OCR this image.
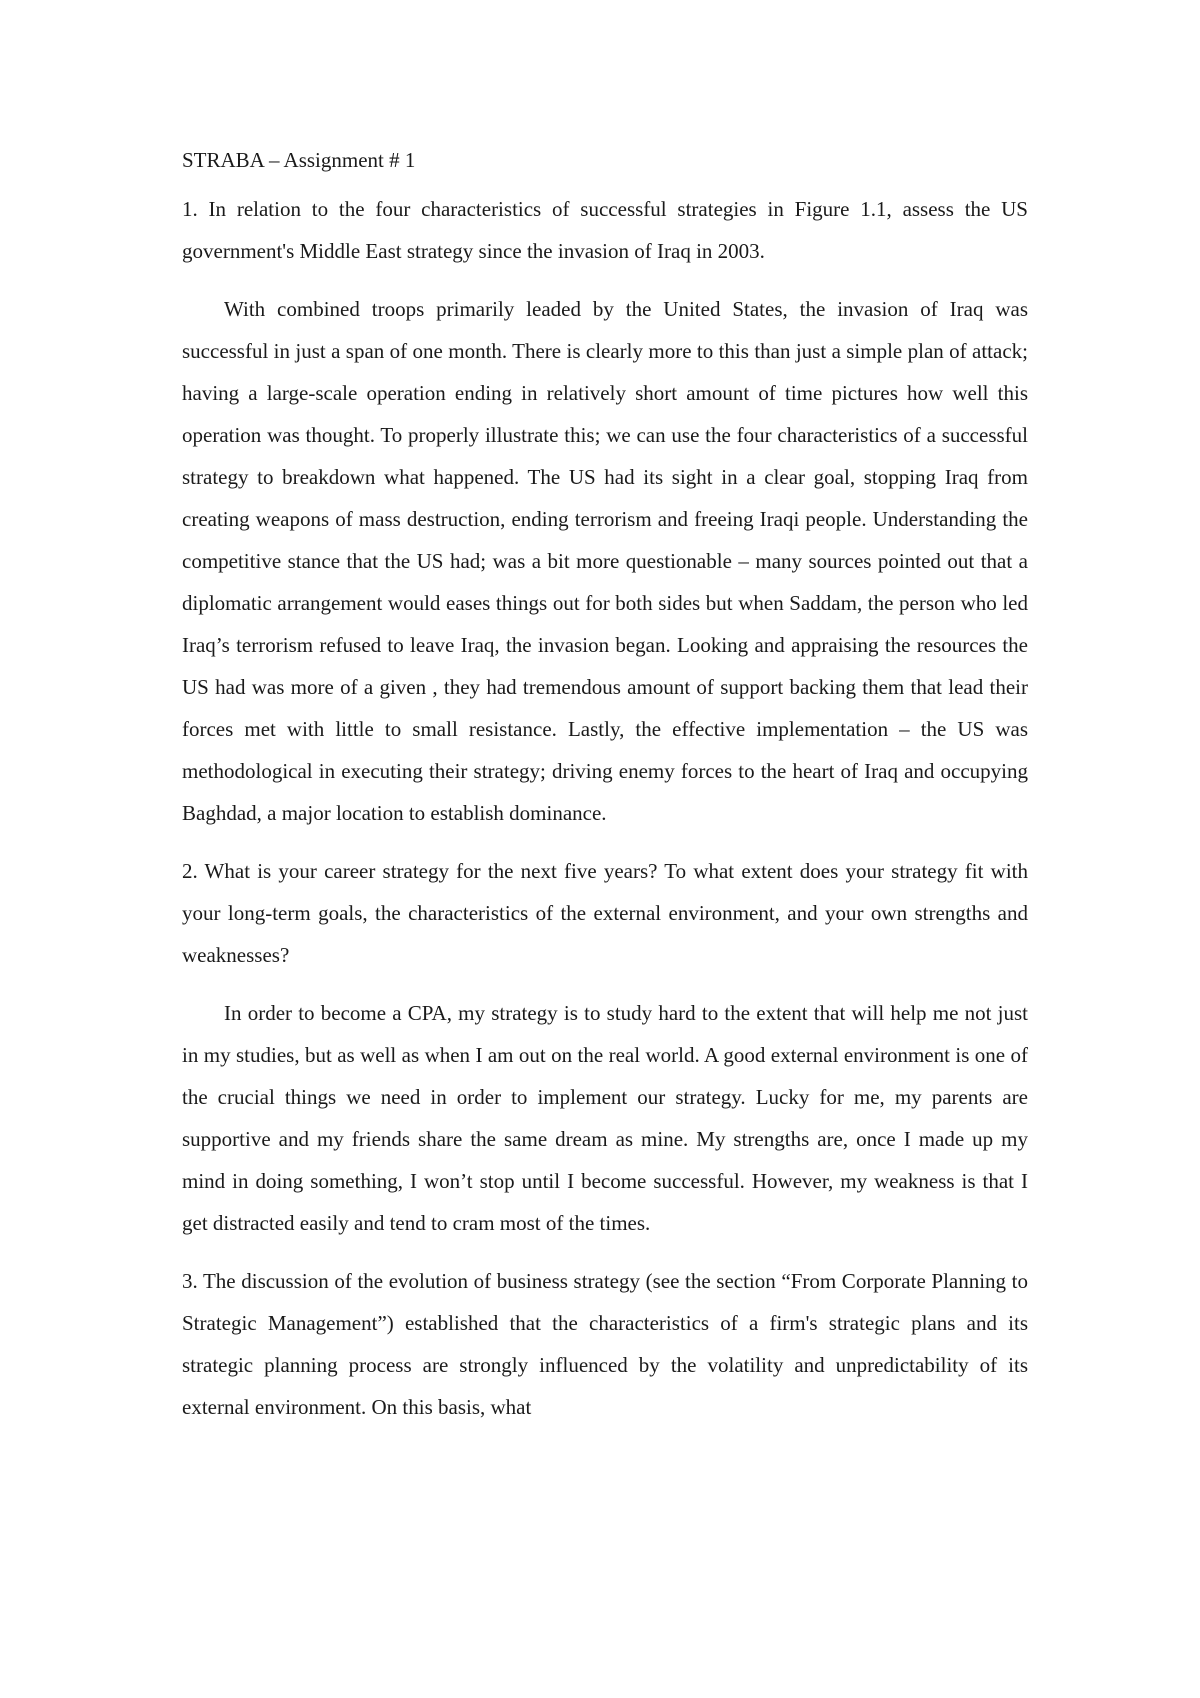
STRABA – Assignment # 1

1. In relation to the four characteristics of successful strategies in Figure 1.1, assess the US government's Middle East strategy since the invasion of Iraq in 2003.

With combined troops primarily leaded by the United States, the invasion of Iraq was successful in just a span of one month. There is clearly more to this than just a simple plan of attack; having a large-scale operation ending in relatively short amount of time pictures how well this operation was thought. To properly illustrate this; we can use the four characteristics of a successful strategy to breakdown what happened. The US had its sight in a clear goal, stopping Iraq from creating weapons of mass destruction, ending terrorism and freeing Iraqi people. Understanding the competitive stance that the US had; was a bit more questionable – many sources pointed out that a diplomatic arrangement would eases things out for both sides but when Saddam, the person who led Iraq’s terrorism refused to leave Iraq, the invasion began. Looking and appraising the resources the US had was more of a given , they had tremendous amount of support backing them that lead their forces met with little to small resistance. Lastly, the effective implementation – the US was methodological in executing their strategy; driving enemy forces to the heart of Iraq and occupying Baghdad, a major location to establish dominance.

2. What is your career strategy for the next five years? To what extent does your strategy fit with your long-term goals, the characteristics of the external environment, and your own strengths and weaknesses?

In order to become a CPA, my strategy is to study hard to the extent that will help me not just in my studies, but as well as when I am out on the real world. A good external environment is one of the crucial things we need in order to implement our strategy. Lucky for me, my parents are supportive and my friends share the same dream as mine. My strengths are, once I made up my mind in doing something, I won’t stop until I become successful. However, my weakness is that I get distracted easily and tend to cram most of the times.

3. The discussion of the evolution of business strategy (see the section “From Corporate Planning to Strategic Management”) established that the characteristics of a firm's strategic plans and its strategic planning process are strongly influenced by the volatility and unpredictability of its external environment. On this basis, what
